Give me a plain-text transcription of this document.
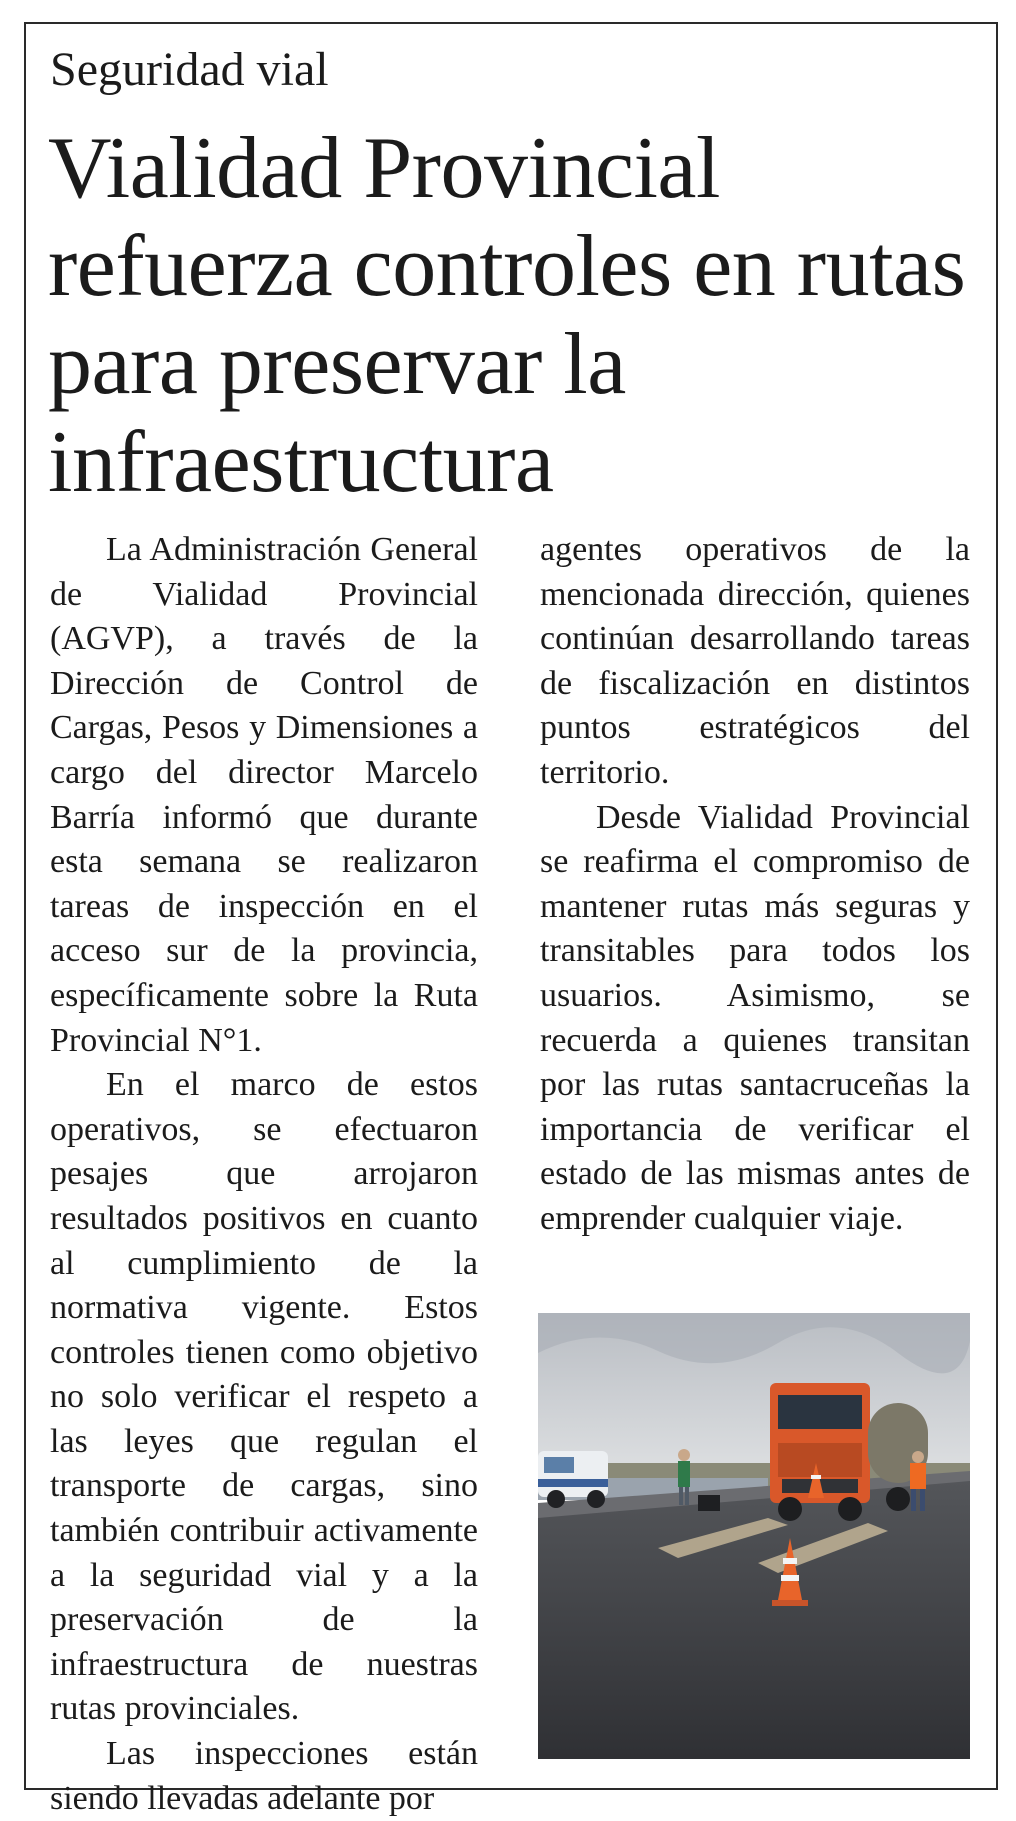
Seguridad vial
Vialidad Provincial refuerza controles en rutas para preservar la infraestructura

La Administración General de Vialidad Provincial (AGVP), a través de la Dirección de Control de Cargas, Pesos y Dimensiones a cargo del director Marcelo Barría informó que durante esta semana se realizaron tareas de inspección en el acceso sur de la provincia, específicamente sobre la Ruta Provincial N°1.

En el marco de estos operativos, se efectuaron pesajes que arrojaron resultados positivos en cuanto al cumplimiento de la normativa vigente. Estos controles tienen como objetivo no solo verificar el respeto a las leyes que regulan el transporte de cargas, sino también contribuir activamente a la seguridad vial y a la preservación de la infraestructura de nuestras rutas provinciales.

Las inspecciones están siendo llevadas adelante por

agentes operativos de la mencionada dirección, quienes continúan desarrollando tareas de fiscalización en distintos puntos estratégicos del territorio.

Desde Vialidad Provincial se reafirma el compromiso de mantener rutas más seguras y transitables para todos los usuarios. Asimismo, se recuerda a quienes transitan por las rutas santacruceñas la importancia de verificar el estado de las mismas antes de emprender cualquier viaje.
